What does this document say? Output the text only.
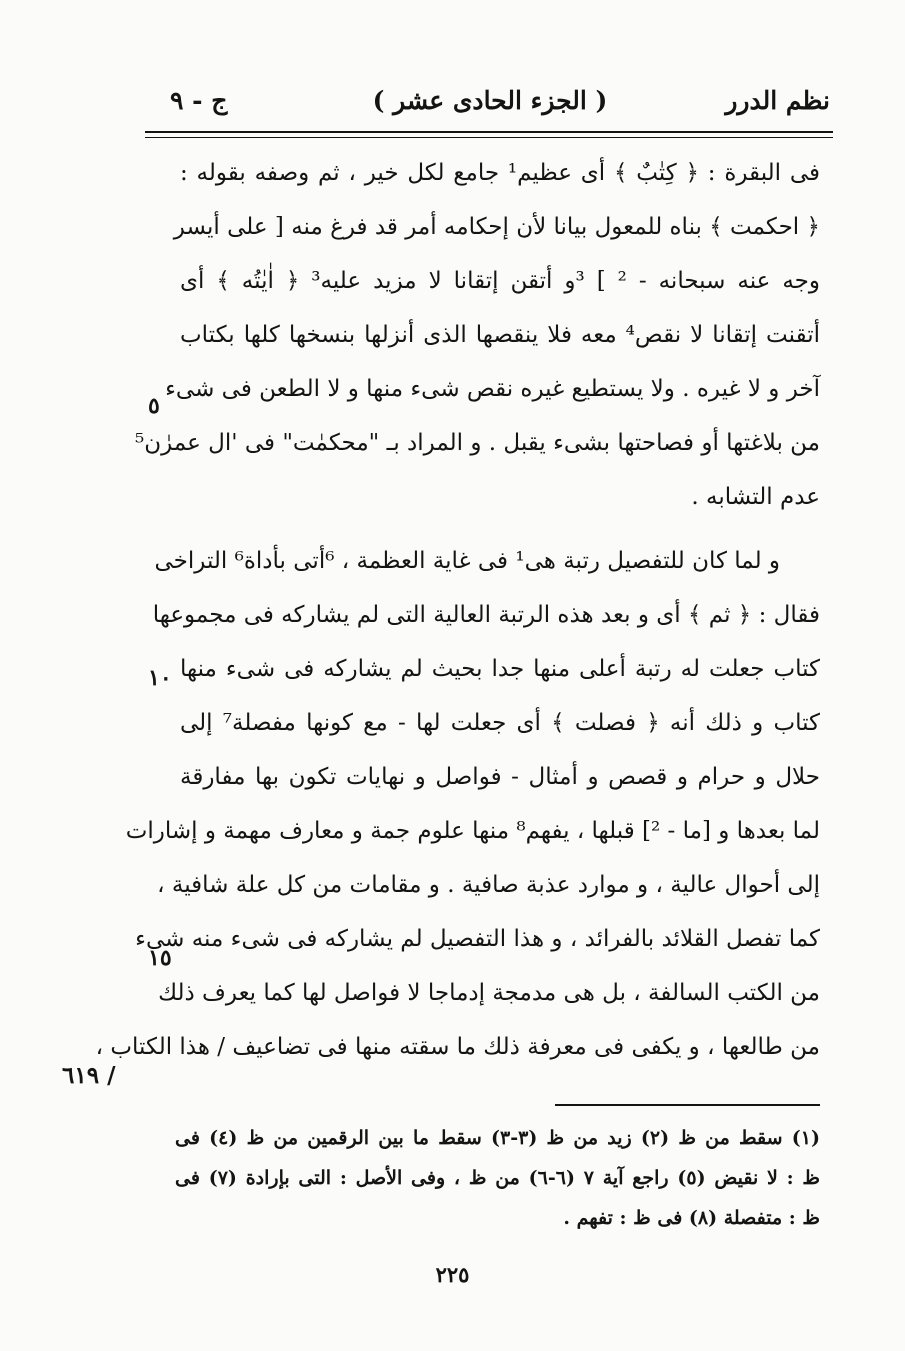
نظم الدرر
( الجزء الحادى عشر )
ج - ٩
فى البقرة : ﴿ كِتٰبٌ ﴾ أى عظيم¹ جامع لكل خير ، ثم وصفه بقوله :
﴿ احكمت ﴾ بناه للمعول بيانا لأن إحكامه أمر قد فرغ منه [ على أيسر
وجه عنه سبحانه - ² ] ³و أتقن إتقانا لا مزيد عليه³ ﴿ اٰيٰتُه ﴾ أى
أتقنت إتقانا لا نقص⁴ معه فلا ينقصها الذى أنزلها بنسخها كلها بكتاب
آخر و لا غيره . ولا يستطيع غيره نقص شىء منها و لا الطعن فى شىء
من بلاغتها أو فصاحتها بشىء يقبل . و المراد بـ "محكمٰت" فى 'ال عمرٰن⁵
عدم التشابه .
و لما كان للتفصيل رتبة هى¹ فى غاية العظمة ، ⁶أتى بأداة⁶ التراخى
فقال : ﴿ ثم ﴾ أى و بعد هذه الرتبة العالية التى لم يشاركه فى مجموعها
كتاب جعلت له رتبة أعلى منها جدا بحيث لم يشاركه فى شىء منها
كتاب و ذلك أنه ﴿ فصلت ﴾ أى جعلت لها - مع كونها مفصلة⁷ إلى
حلال و حرام و قصص و أمثال - فواصل و نهايات تكون بها مفارقة
لما بعدها و [ما - ²] قبلها ، يفهم⁸ منها علوم جمة و معارف مهمة و إشارات
إلى أحوال عالية ، و موارد عذبة صافية . و مقامات من كل علة شافية ،
كما تفصل القلائد بالفرائد ، و هذا التفصيل لم يشاركه فى شىء منه شىء
من الكتب السالفة ، بل هى مدمجة إدماجا لا فواصل لها كما يعرف ذلك
من طالعها ، و يكفى فى معرفة ذلك ما سقته منها فى تضاعيف / هذا الكتاب ،
٥
١٠
١٥
/ ٦١٩
(١) سقط من ظ (٢) زيد من ظ (٣-٣) سقط ما بين الرقمين من ظ (٤) فى
ظ : لا نقيض (٥) راجع آية ٧ (٦-٦) من ظ ، وفى الأصل : التى بإرادة (٧) فى
ظ : متفصلة (٨) فى ظ : تفهم .
٢٢٥
